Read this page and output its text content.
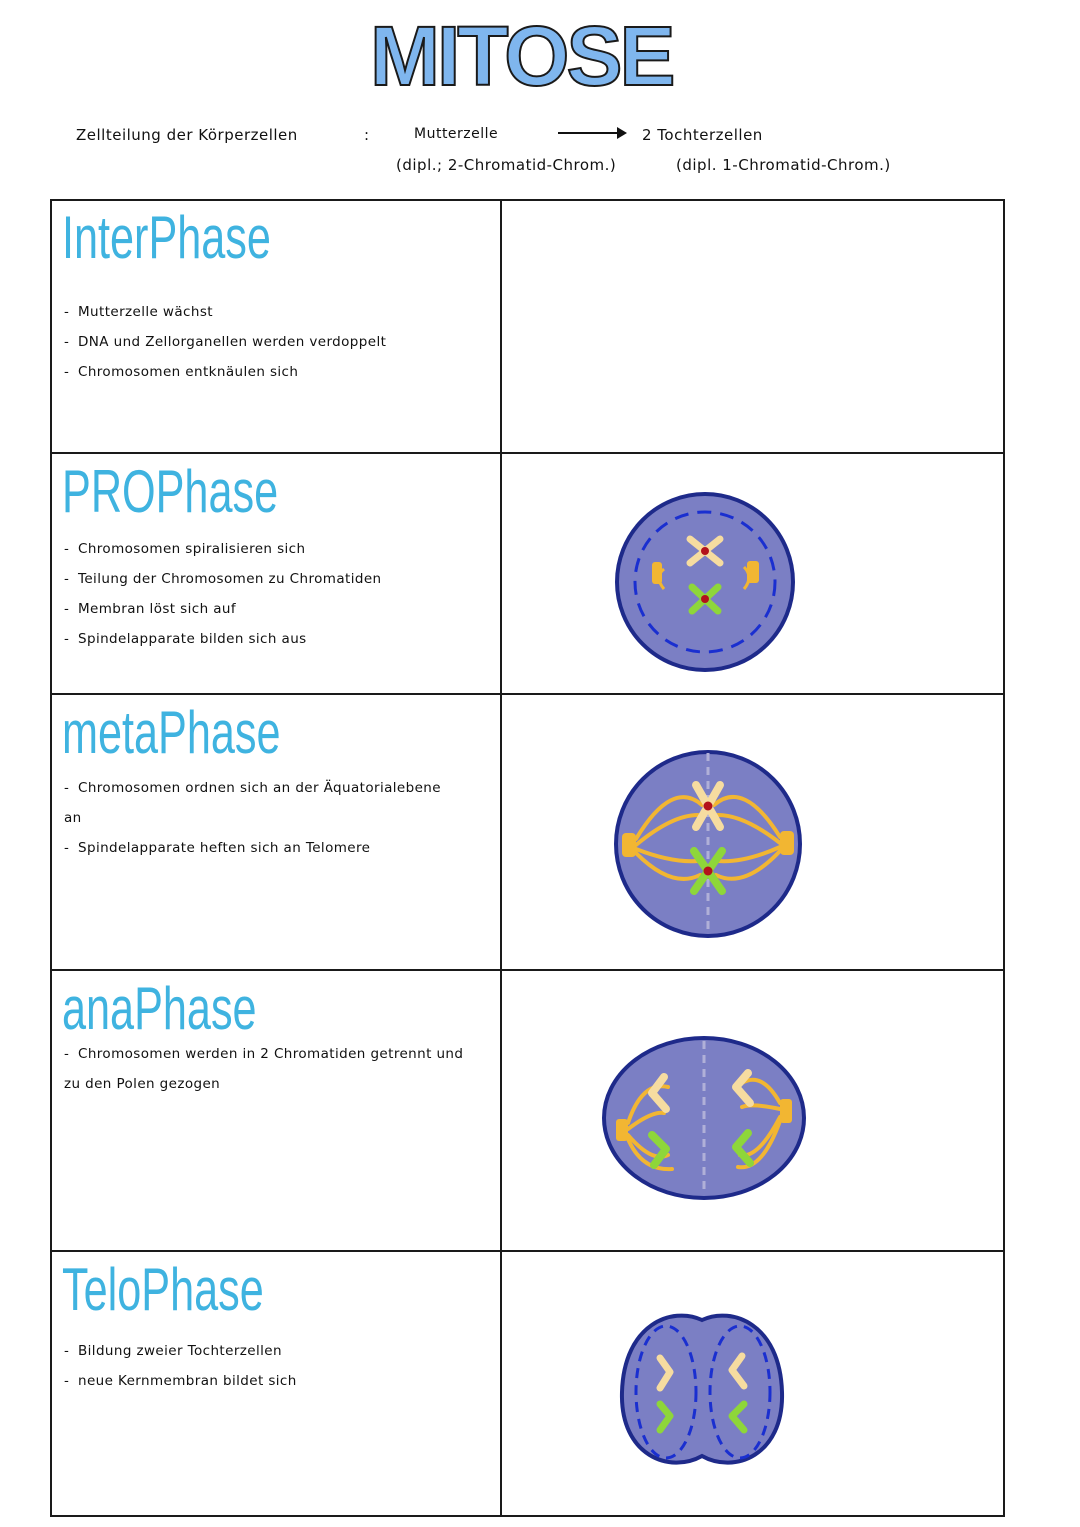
MITOSE
Zellteilung der Körperzellen	:	Mutterzelle	2 Tochterzellen
(dipl.; 2-Chromatid-Chrom.)	(dipl. 1-Chromatid-Chrom.)
InterPhase
- Mutterzelle wächst
- DNA und Zellorganellen werden verdoppelt
- Chromosomen entknäulen sich
PROPhase
- Chromosomen spiralisieren sich
- Teilung der Chromosomen zu Chromatiden
- Membran löst sich auf
- Spindelapparate bilden sich aus
metaPhase
- Chromosomen ordnen sich an der Äquatorialebene an
- Spindelapparate heften sich an Telomere
anaPhase
- Chromosomen werden in 2 Chromatiden getrennt und zu den Polen gezogen
TeloPhase
- Bildung zweier Tochterzellen
- neue Kernmembran bildet sich
